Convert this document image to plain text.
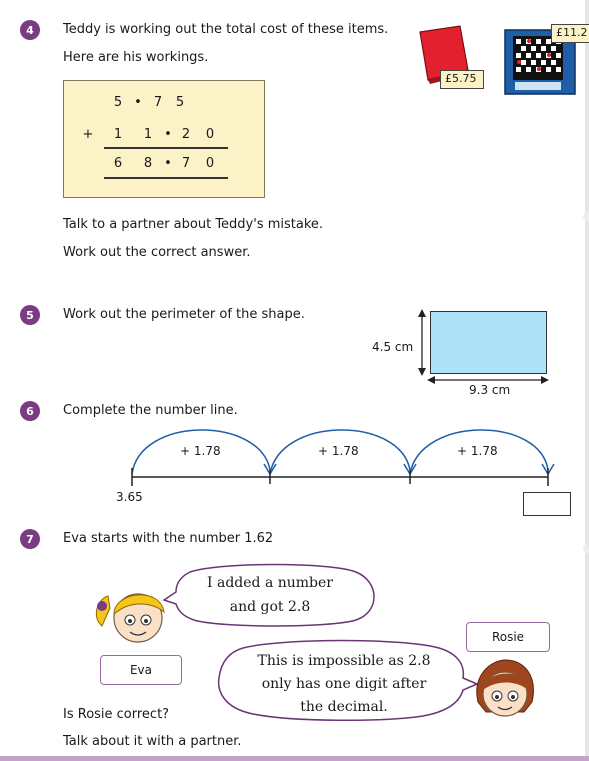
4	Teddy is working out the total cost of these items.
Here are his workings.
£5.75
£11.2
5 • 7 5
+ 1 1 • 2 0
6 8 • 7 0
Talk to a partner about Teddy's mistake.
Work out the correct answer.
5	Work out the perimeter of the shape.
4.5 cm
9.3 cm
6	Complete the number line.
+ 1.78	+ 1.78	+ 1.78
3.65
7	Eva starts with the number 1.62
I added a number
and got 2.8
Eva
Rosie
This is impossible as 2.8
only has one digit after
the decimal.
Is Rosie correct?
Talk about it with a partner.
